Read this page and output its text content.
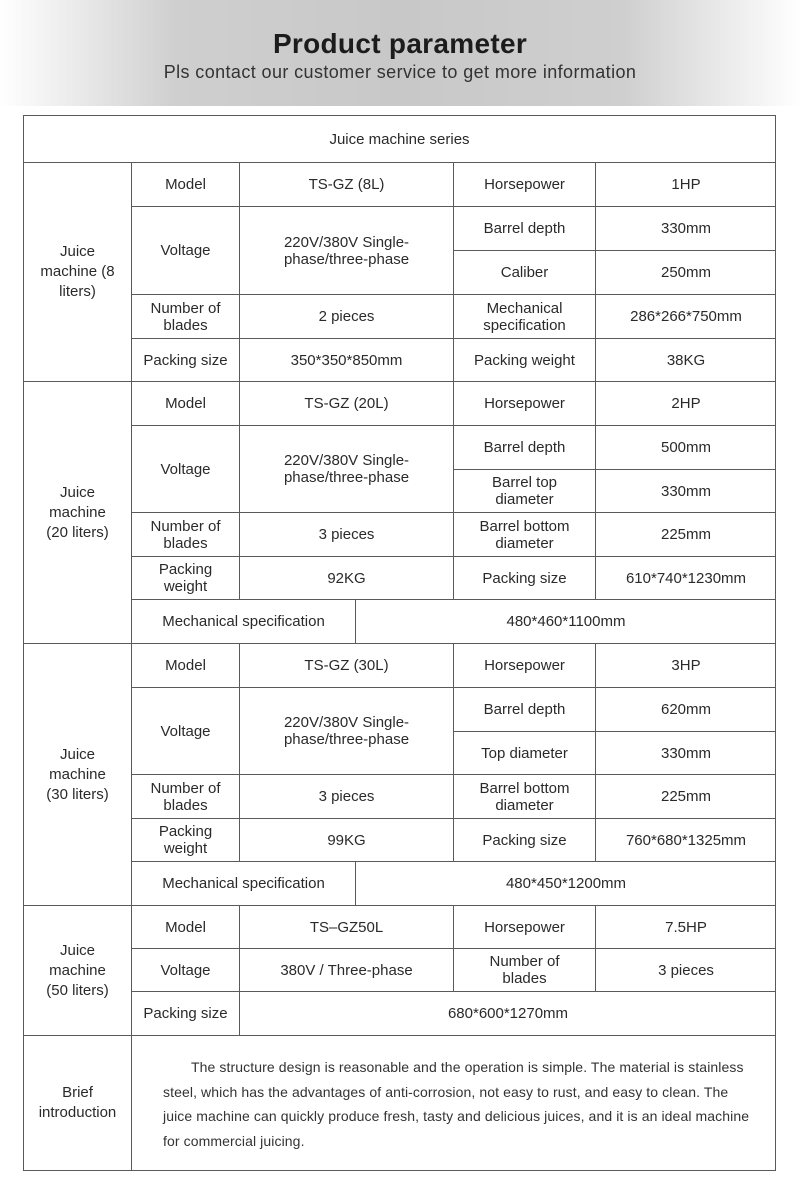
Product parameter
Pls contact our customer service to get more information
Juice machine series
Juice machine (8 liters)
Model	TS-GZ (8L)	Horsepower	1HP
Voltage	220V/380V Single-phase/three-phase
Barrel depth	330mm
Caliber	250mm
Number of blades	2 pieces	Mechanical specification	286*266*750mm
Packing size	350*350*850mm	Packing weight	38KG
Juice machine (20 liters)
Model	TS-GZ (20L)	Horsepower	2HP
Voltage	220V/380V Single-phase/three-phase
Barrel depth	500mm
Barrel top diameter	330mm
Number of blades	3 pieces	Barrel bottom diameter	225mm
Packing weight	92KG	Packing size	610*740*1230mm
Mechanical specification	480*460*1100mm
Juice machine (30 liters)
Model	TS-GZ (30L)	Horsepower	3HP
Voltage	220V/380V Single-phase/three-phase
Barrel depth	620mm
Top diameter	330mm
Number of blades	3 pieces	Barrel bottom diameter	225mm
Packing weight	99KG	Packing size	760*680*1325mm
Mechanical specification	480*450*1200mm
Juice machine (50 liters)
Model	TS–GZ50L	Horsepower	7.5HP
Voltage	380V / Three-phase	Number of blades	3 pieces
Packing size	680*600*1270mm
Brief introduction
The structure design is reasonable and the operation is simple. The material is stainless steel, which has the advantages of anti-corrosion, not easy to rust, and easy to clean. The juice machine can quickly produce fresh, tasty and delicious juices, and it is an ideal machine for commercial juicing.
